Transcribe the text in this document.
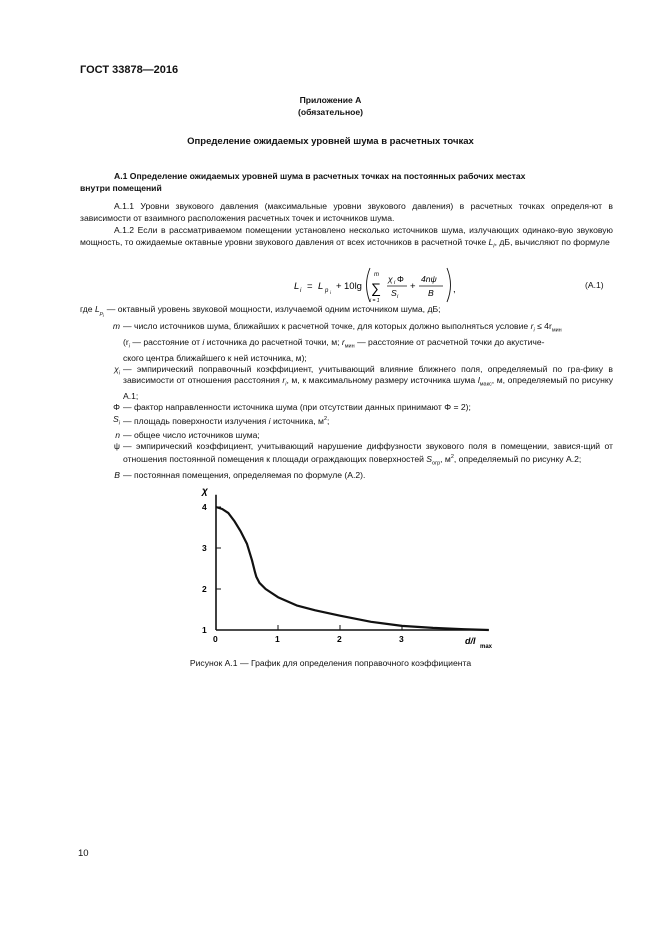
ГОСТ 33878—2016
Приложение А
(обязательное)
Определение ожидаемых уровней шума в расчетных точках
А.1 Определение ожидаемых уровней шума в расчетных точках на постоянных рабочих местах
внутри помещений
А.1.1 Уровни звукового давления (максимальные уровни звукового давления) в расчетных точках определя-ют в зависимости от взаимного расположения расчетных точек и источников шума.
А.1.2 Если в рассматриваемом помещении установлено несколько источников шума, излучающих одинако-вую звуковую мощность, то ожидаемые октавные уровни звукового давления от всех источников в расчетной точке $L_i$, дБ, вычисляют по формуле
L i = L p i
+ 10lg
m
∑
i = 1
χ i Φ
S i
+
4nψ
B ,	(А.1)
где $L_{p_i}$
— октавный уровень звуковой мощности, излучаемой одним источником шума, дБ;
m — число источников шума, ближайших к расчетной точке, для которых должно выполняться условие $r_i \le 4r_{мин}$
($r_i$ — расстояние от i источника до расчетной точки, м; $r_{мин}$ — расстояние от расчетной точки до акустиче-
ского центра ближайшего к ней источника, м);
$\chi_i$ — эмпирический поправочный коэффициент, учитывающий влияние ближнего поля, определяемый по гра-фику в зависимости от отношения расстояния $r_i$, м, к максимальному размеру источника шума $l_{макс}$, м, определяемый по рисунку А.1;
Φ — фактор направленности источника шума (при отсутствии данных принимают Φ = 2);
$S_i$ — площадь поверхности излучения i источника, $м^2$;
n — общее число источников шума;
ψ — эмпирический коэффициент, учитывающий нарушение диффузности звукового поля в помещении, завися-щий от отношения постоянной помещения к площади ограждающих поверхностей $S_{огр}$, $м^2$, определяемый по рисунку А.2;
B — постоянная помещения, определяемая по формуле (А.2).
0	1	2	3
1
2
3
4
χ
d/l
max
Рисунок А.1 — График для определения поправочного коэффициента
10
